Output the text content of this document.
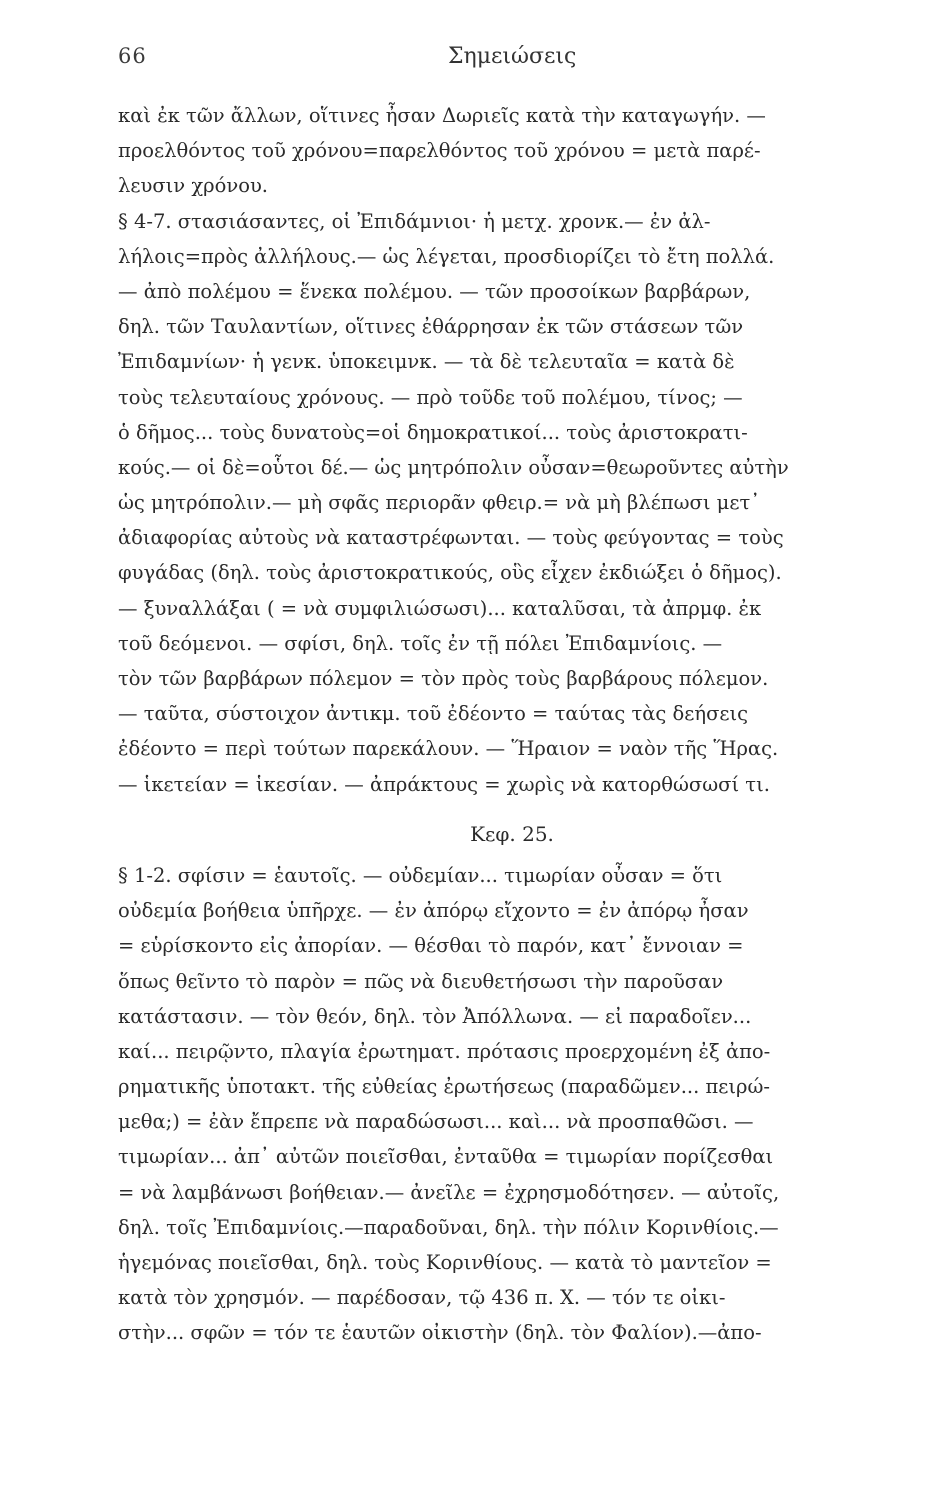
66	Σημειώσεις
καὶ ἐκ τῶν ἄλλων, οἵτινες ἦσαν Δωριεῖς κατὰ τὴν καταγωγήν. —
προελθόντος τοῦ χρόνου=παρελθόντος τοῦ χρόνου = μετὰ παρέ-
λευσιν χρόνου.
§ 4-7. στασιάσαντες, οἱ Ἐπιδάμνιοι· ἡ μετχ. χρονκ.— ἐν ἀλ-
λήλοις=πρὸς ἀλλήλους.— ὡς λέγεται, προσδιορίζει τὸ ἔτη πολλά.
— ἀπὸ πολέμου = ἕνεκα πολέμου. — τῶν προσοίκων βαρβάρων,
δηλ. τῶν Ταυλαντίων, οἵτινες ἐθάρρησαν ἐκ τῶν στάσεων τῶν
Ἐπιδαμνίων· ἡ γενκ. ὑποκειμνκ. — τὰ δὲ τελευταῖα = κατὰ δὲ
τοὺς τελευταίους χρόνους. — πρὸ τοῦδε τοῦ πολέμου, τίνος; —
ὁ δῆμος... τοὺς δυνατοὺς=οἱ δημοκρατικοί... τοὺς ἀριστοκρατι-
κούς.— οἱ δὲ=οὗτοι δέ.— ὡς μητρόπολιν οὖσαν=θεωροῦντες αὐτὴν
ὡς μητρόπολιν.— μὴ σφᾶς περιορᾶν φθειρ.= νὰ μὴ βλέπωσι μετ᾽
ἀδιαφορίας αὐτοὺς νὰ καταστρέφωνται. — τοὺς φεύγοντας = τοὺς
φυγάδας (δηλ. τοὺς ἀριστοκρατικούς, οὓς εἶχεν ἐκδιώξει ὁ δῆμος).
— ξυναλλάξαι ( = νὰ συμφιλιώσωσι)... καταλῦσαι, τὰ ἀπρμφ. ἐκ
τοῦ δεόμενοι. — σφίσι, δηλ. τοῖς ἐν τῇ πόλει Ἐπιδαμνίοις. —
τὸν τῶν βαρβάρων πόλεμον = τὸν πρὸς τοὺς βαρβάρους πόλεμον.
— ταῦτα, σύστοιχον ἀντικμ. τοῦ ἐδέοντο = ταύτας τὰς δεήσεις
ἐδέοντο = περὶ τούτων παρεκάλουν. — Ἥραιον = ναὸν τῆς Ἥρας.
— ἱκετείαν = ἱκεσίαν. — ἀπράκτους = χωρὶς νὰ κατορθώσωσί τι.
Κεφ. 25.
§ 1-2. σφίσιν = ἑαυτοῖς. — οὐδεμίαν... τιμωρίαν οὖσαν = ὅτι
οὐδεμία βοήθεια ὑπῆρχε. — ἐν ἀπόρῳ εἴχοντο = ἐν ἀπόρῳ ἦσαν
= εὑρίσκοντο εἰς ἀπορίαν. — θέσθαι τὸ παρόν, κατ᾽ ἔννοιαν =
ὅπως θεῖντο τὸ παρὸν = πῶς νὰ διευθετήσωσι τὴν παροῦσαν
κατάστασιν. — τὸν θεόν, δηλ. τὸν Ἀπόλλωνα. — εἰ παραδοῖεν...
καί... πειρῷντο, πλαγία ἐρωτηματ. πρότασις προερχομένη ἐξ ἀπο-
ρηματικῆς ὑποτακτ. τῆς εὐθείας ἐρωτήσεως (παραδῶμεν... πειρώ-
μεθα;) = ἐὰν ἔπρεπε νὰ παραδώσωσι... καὶ... νὰ προσπαθῶσι. —
τιμωρίαν... ἀπ᾽ αὐτῶν ποιεῖσθαι, ἐνταῦθα = τιμωρίαν πορίζεσθαι
= νὰ λαμβάνωσι βοήθειαν.— ἀνεῖλε = ἐχρησμοδότησεν. — αὐτοῖς,
δηλ. τοῖς Ἐπιδαμνίοις.—παραδοῦναι, δηλ. τὴν πόλιν Κορινθίοις.—
ἡγεμόνας ποιεῖσθαι, δηλ. τοὺς Κορινθίους. — κατὰ τὸ μαντεῖον =
κατὰ τὸν χρησμόν. — παρέδοσαν, τῷ 436 π. Χ. — τόν τε οἰκι-
στὴν... σφῶν = τόν τε ἑαυτῶν οἰκιστὴν (δηλ. τὸν Φαλίον).—ἀπο-
